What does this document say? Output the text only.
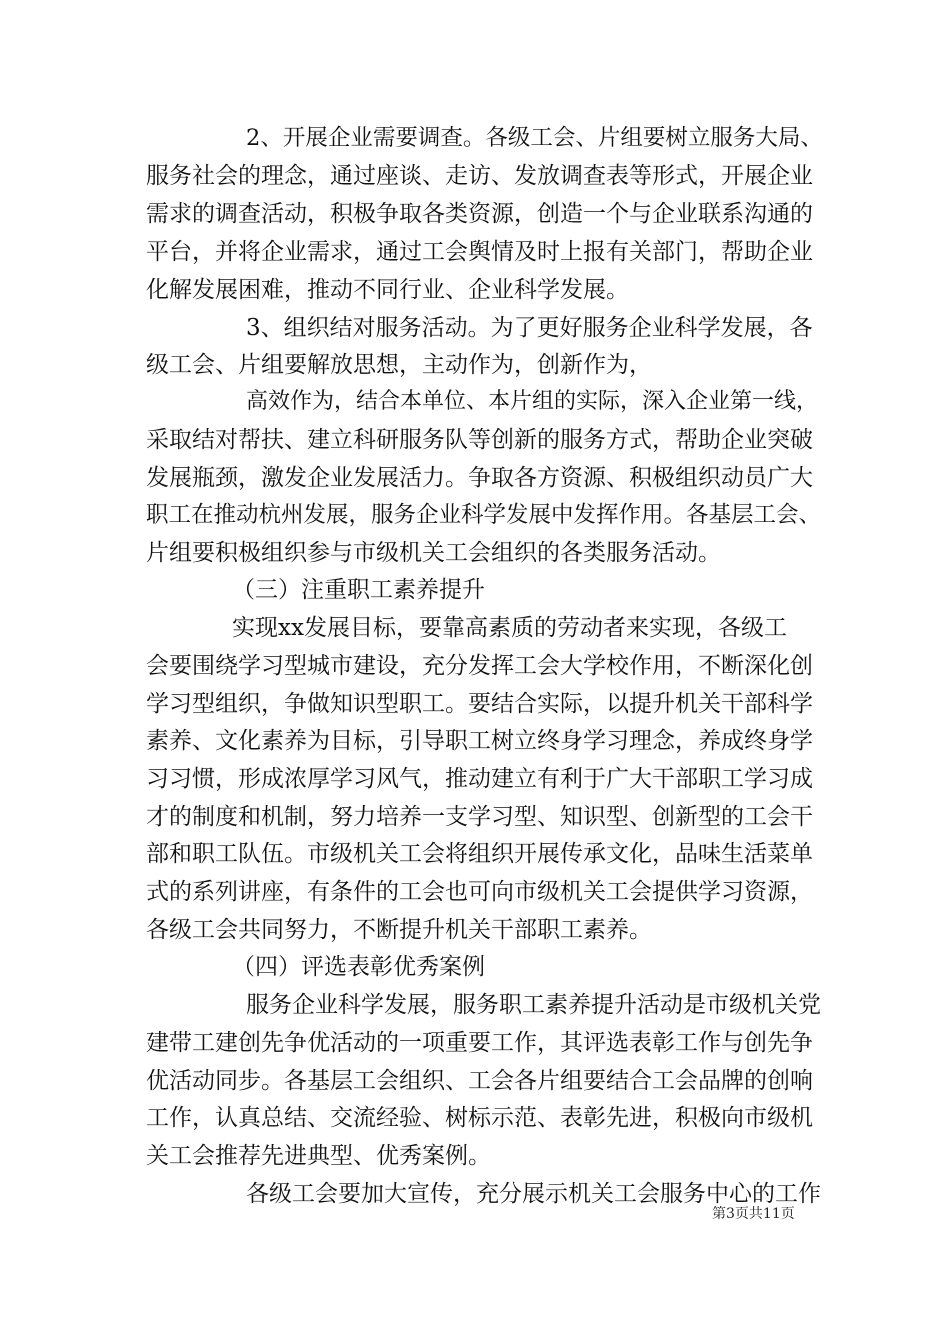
2、开展企业需要调查。各级工会、片组要树立服务大局、
服务社会的理念，通过座谈、走访、发放调查表等形式，开展企业
需求的调查活动，积极争取各类资源，创造一个与企业联系沟通的
平台，并将企业需求，通过工会舆情及时上报有关部门，帮助企业
化解发展困难，推动不同行业、企业科学发展。
3、组织结对服务活动。为了更好服务企业科学发展，各
级工会、片组要解放思想，主动作为，创新作为，
高效作为，结合本单位、本片组的实际，深入企业第一线，
采取结对帮扶、建立科研服务队等创新的服务方式，帮助企业突破
发展瓶颈，激发企业发展活力。争取各方资源、积极组织动员广大
职工在推动杭州发展，服务企业科学发展中发挥作用。各基层工会、
片组要积极组织参与市级机关工会组织的各类服务活动。
（三）注重职工素养提升
实现xx发展目标，要靠高素质的劳动者来实现，各级工
会要围绕学习型城市建设，充分发挥工会大学校作用，不断深化创
学习型组织，争做知识型职工。要结合实际，以提升机关干部科学
素养、文化素养为目标，引导职工树立终身学习理念，养成终身学
习习惯，形成浓厚学习风气，推动建立有利于广大干部职工学习成
才的制度和机制，努力培养一支学习型、知识型、创新型的工会干
部和职工队伍。市级机关工会将组织开展传承文化，品味生活菜单
式的系列讲座，有条件的工会也可向市级机关工会提供学习资源，
各级工会共同努力，不断提升机关干部职工素养。
（四）评选表彰优秀案例
服务企业科学发展，服务职工素养提升活动是市级机关党
建带工建创先争优活动的一项重要工作，其评选表彰工作与创先争
优活动同步。各基层工会组织、工会各片组要结合工会品牌的创响
工作，认真总结、交流经验、树标示范、表彰先进，积极向市级机
关工会推荐先进典型、优秀案例。
各级工会要加大宣传，充分展示机关工会服务中心的工作
第3页共11页
